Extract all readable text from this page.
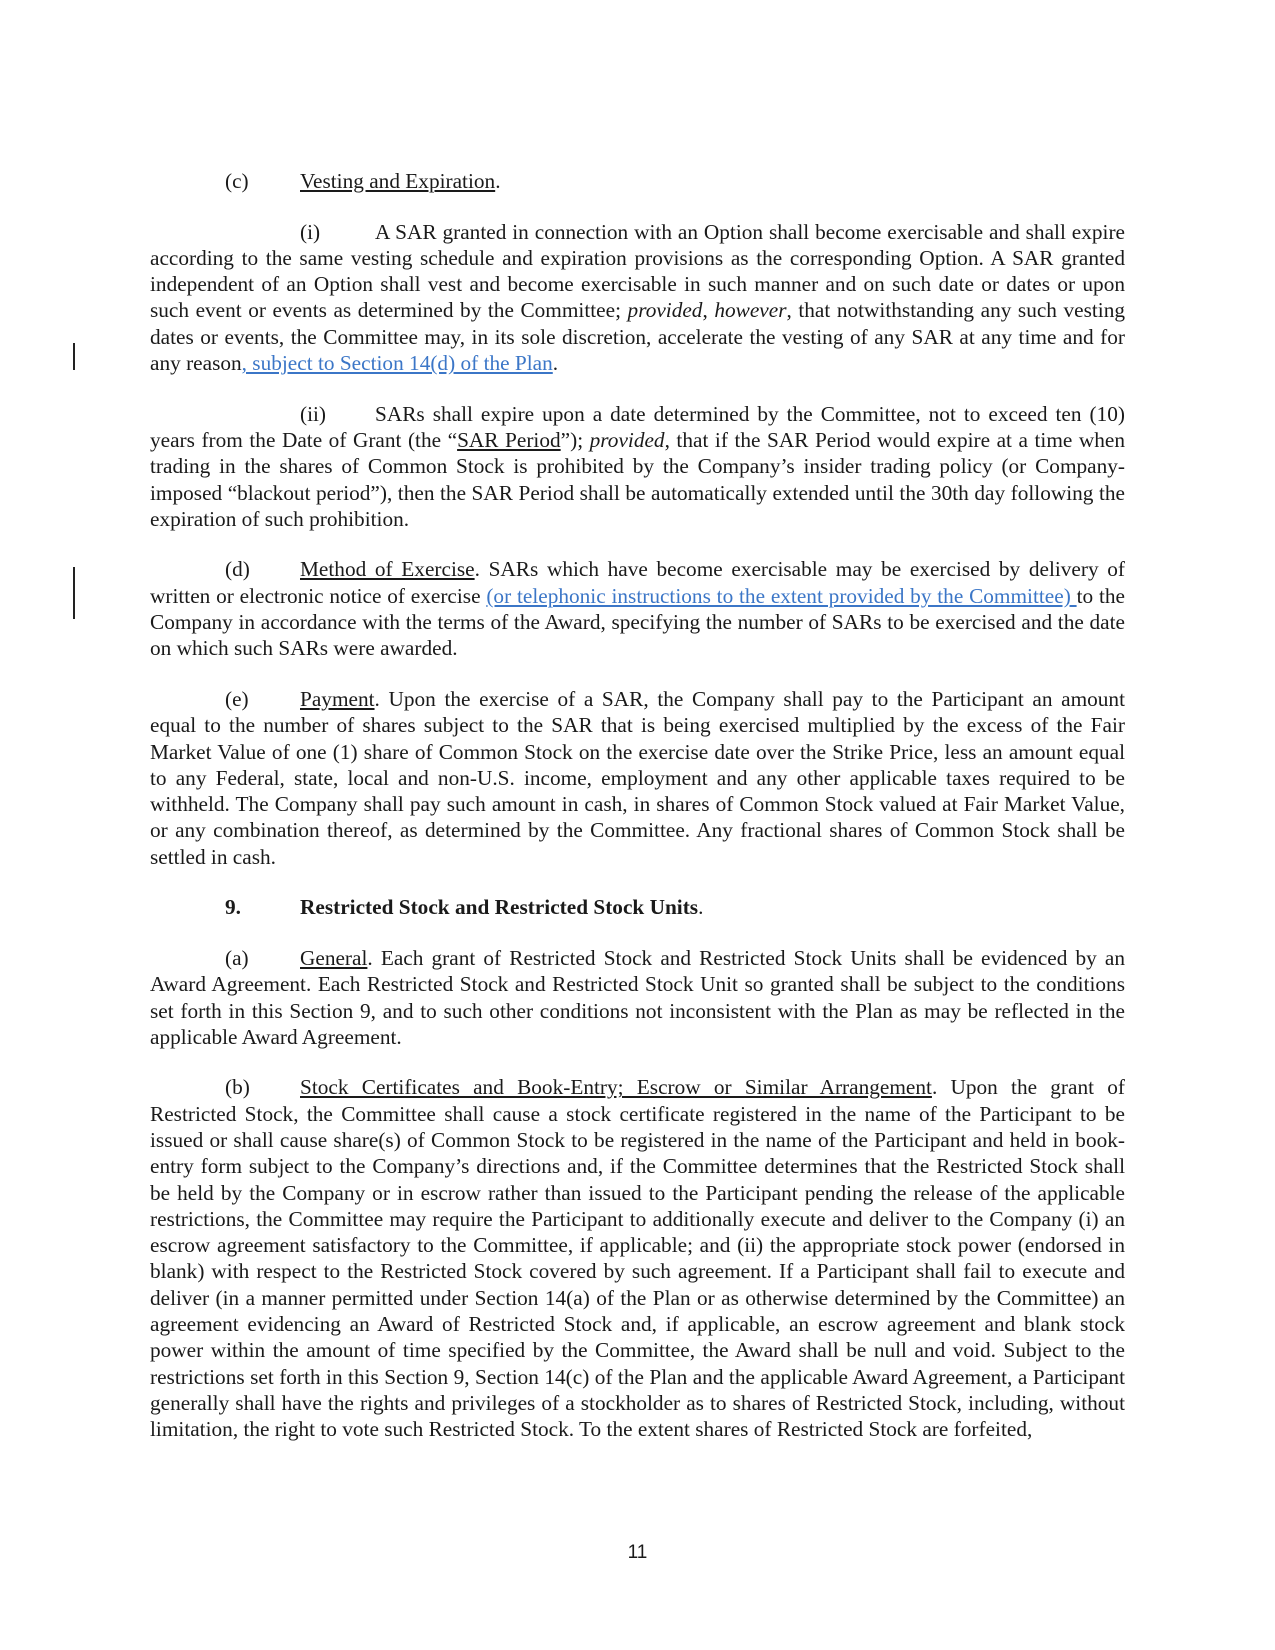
(c) Vesting and Expiration.

(i)	A SAR granted in connection with an Option shall become exercisable and shall expire according to the same vesting schedule and expiration provisions as the corresponding Option. A SAR granted independent of an Option shall vest and become exercisable in such manner and on such date or dates or upon such event or events as determined by the Committee; provided, however, that notwithstanding any such vesting dates or events, the Committee may, in its sole discretion, accelerate the vesting of any SAR at any time and for any reason, subject to Section 14(d) of the Plan.

(ii) SARs shall expire upon a date determined by the Committee, not to exceed ten (10) years from the Date of Grant (the “SAR Period”); provided, that if the SAR Period would expire at a time when trading in the shares of Common Stock is prohibited by the Company’s insider trading policy (or Company-imposed “blackout period”), then the SAR Period shall be automatically extended until the 30th day following the expiration of such prohibition.

(d) Method of Exercise. SARs which have become exercisable may be exercised by delivery of written or electronic notice of exercise (or telephonic instructions to the extent provided by the Committee) to the Company in accordance with the terms of the Award, specifying the number of SARs to be exercised and the date on which such SARs were awarded.

(e) Payment. Upon the exercise of a SAR, the Company shall pay to the Participant an amount equal to the number of shares subject to the SAR that is being exercised multiplied by the excess of the Fair Market Value of one (1) share of Common Stock on the exercise date over the Strike Price, less an amount equal to any Federal, state, local and non-U.S. income, employment and any other applicable taxes required to be withheld. The Company shall pay such amount in cash, in shares of Common Stock valued at Fair Market Value, or any combination thereof, as determined by the Committee. Any fractional shares of Common Stock shall be settled in cash.

9.	Restricted Stock and Restricted Stock Units.

(a) General. Each grant of Restricted Stock and Restricted Stock Units shall be evidenced by an Award Agreement. Each Restricted Stock and Restricted Stock Unit so granted shall be subject to the conditions set forth in this Section 9, and to such other conditions not inconsistent with the Plan as may be reflected in the applicable Award Agreement.

(b) Stock Certificates and Book-Entry; Escrow or Similar Arrangement. Upon the grant of Restricted Stock, the Committee shall cause a stock certificate registered in the name of the Participant to be issued or shall cause share(s) of Common Stock to be registered in the name of the Participant and held in book-entry form subject to the Company’s directions and, if the Committee determines that the Restricted Stock shall be held by the Company or in escrow rather than issued to the Participant pending the release of the applicable restrictions, the Committee may require the Participant to additionally execute and deliver to the Company (i) an escrow agreement satisfactory to the Committee, if applicable; and (ii) the appropriate stock power (endorsed in blank) with respect to the Restricted Stock covered by such agreement. If a Participant shall fail to execute and deliver (in a manner permitted under Section 14(a) of the Plan or as otherwise determined by the Committee) an agreement evidencing an Award of Restricted Stock and, if applicable, an escrow agreement and blank stock power within the amount of time specified by the Committee, the Award shall be null and void. Subject to the restrictions set forth in this Section 9, Section 14(c) of the Plan and the applicable Award Agreement, a Participant generally shall have the rights and privileges of a stockholder as to shares of Restricted Stock, including, without limitation, the right to vote such Restricted Stock. To the extent shares of Restricted Stock are forfeited,

11
